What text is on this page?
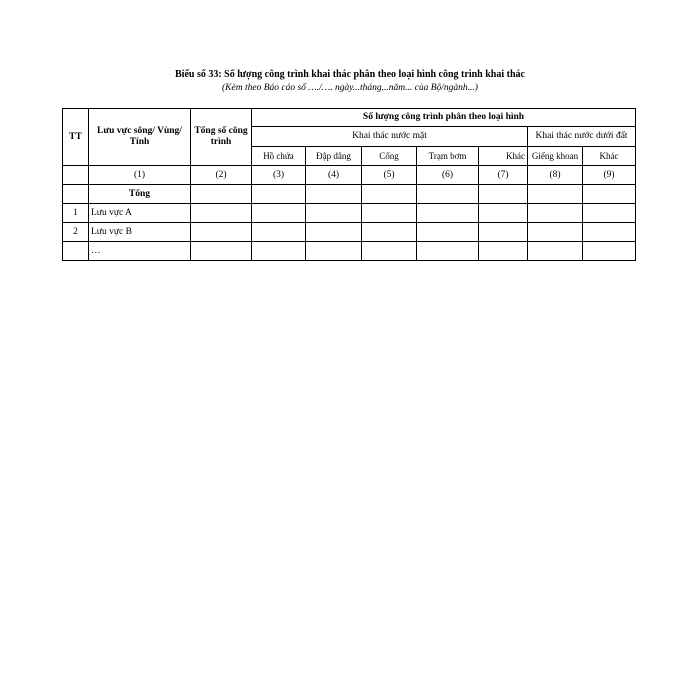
Biểu số 33: Số lượng công trình khai thác phân theo loại hình công trình khai thác
(Kèm theo Báo cáo số …./…. ngày...tháng...năm... của Bộ/ngành...)
TT	Lưu vực sông/ Vùng/ Tỉnh	Tổng số công trình	Số lượng công trình phân theo loại hình						
			Khai thác nước mặt					Khai thác nước dưới đất	
			Hồ chứa	Đập dâng	Cống	Trạm bơm	Khác	Giếng khoan	Khác
	(1)	(2)	(3)	(4)	(5)	(6)	(7)	(8)	(9)
	Tổng								
1	Lưu vực A								
2	Lưu vực B								
	…								
